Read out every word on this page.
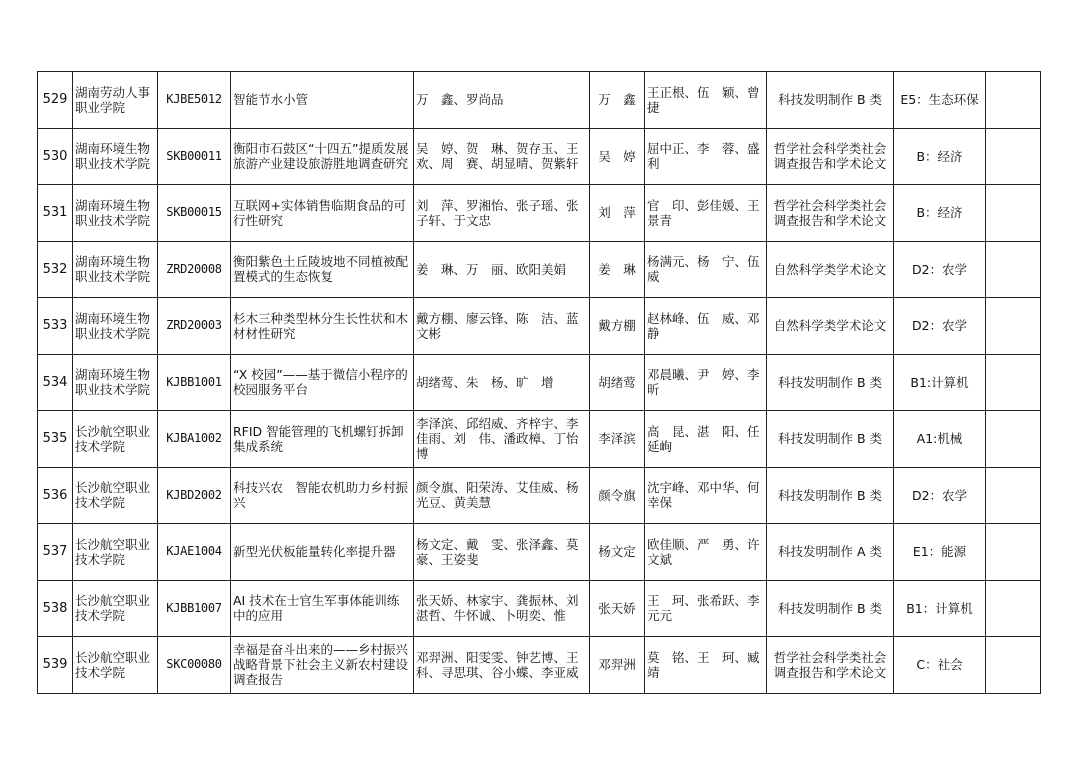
529	湖南劳动人事职业学院	KJBE5012	智能节水小管	万　鑫、罗尚品	万　鑫	王正根、伍　颖、曾　捷	科技发明制作 B 类	E5：生态环保	
530	湖南环境生物职业技术学院	SKB00011	衡阳市石鼓区“十四五”提质发展旅游产业建设旅游胜地调查研究	吴　婷、贺　琳、贺存玉、王　欢、周　赛、胡显晴、贺紫轩	吴　婷	屈中正、李　蓉、盛　利	哲学社会科学类社会调查报告和学术论文	B：经济	
531	湖南环境生物职业技术学院	SKB00015	互联网+实体销售临期食品的可行性研究	刘　萍、罗湘怡、张子瑶、张子轩、于文忠	刘　萍	官　印、彭佳媛、王景青	哲学社会科学类社会调查报告和学术论文	B：经济	
532	湖南环境生物职业技术学院	ZRD20008	衡阳紫色土丘陵坡地不同植被配置模式的生态恢复	姜　琳、万　丽、欧阳美娟	姜　琳	杨满元、杨　宁、伍　威	自然科学类学术论文	D2：农学	
533	湖南环境生物职业技术学院	ZRD20003	杉木三种类型林分生长性状和木材材性研究	戴方棚、廖云锋、陈　洁、蓝文彬	戴方棚	赵林峰、伍　威、邓　静	自然科学类学术论文	D2：农学	
534	湖南环境生物职业技术学院	KJBB1001	“X 校园”——基于微信小程序的校园服务平台	胡绪莺、朱　杨、旷　增	胡绪莺	邓晨曦、尹　婷、李　昕	科技发明制作 B 类	B1:计算机	
535	长沙航空职业技术学院	KJBA1002	RFID 智能管理的飞机螺钉拆卸集成系统	李泽滨、邱绍威、齐梓宇、李佳雨、刘　伟、潘政樟、丁怡博	李泽滨	高　昆、湛　阳、任延峋	科技发明制作 B 类	A1:机械	
536	长沙航空职业技术学院	KJBD2002	科技兴农　智能农机助力乡村振兴	颜令旗、阳荣涛、艾佳威、杨光豆、黄美慧	颜令旗	沈宇峰、邓中华、何幸保	科技发明制作 B 类	D2：农学	
537	长沙航空职业技术学院	KJAE1004	新型光伏板能量转化率提升器	杨文定、戴　雯、张泽鑫、莫　豪、王姿斐	杨文定	欧佳顺、严　勇、许文斌	科技发明制作 A 类	E1：能源	
538	长沙航空职业技术学院	KJBB1007	AI 技术在士官生军事体能训练中的应用	张天娇、林家宇、龚振林、刘湛哲、牛怀诚、卜明奕、惟	张天娇	王　珂、张希跃、李元元	科技发明制作 B 类	B1：计算机	
539	长沙航空职业技术学院	SKC00080	幸福是奋斗出来的——乡村振兴战略背景下社会主义新农村建设调查报告	邓羿洲、阳雯雯、钟艺博、王　科、寻思琪、谷小蝶、李亚威	邓羿洲	莫　铭、王　珂、臧　靖	哲学社会科学类社会调查报告和学术论文	C：社会	
